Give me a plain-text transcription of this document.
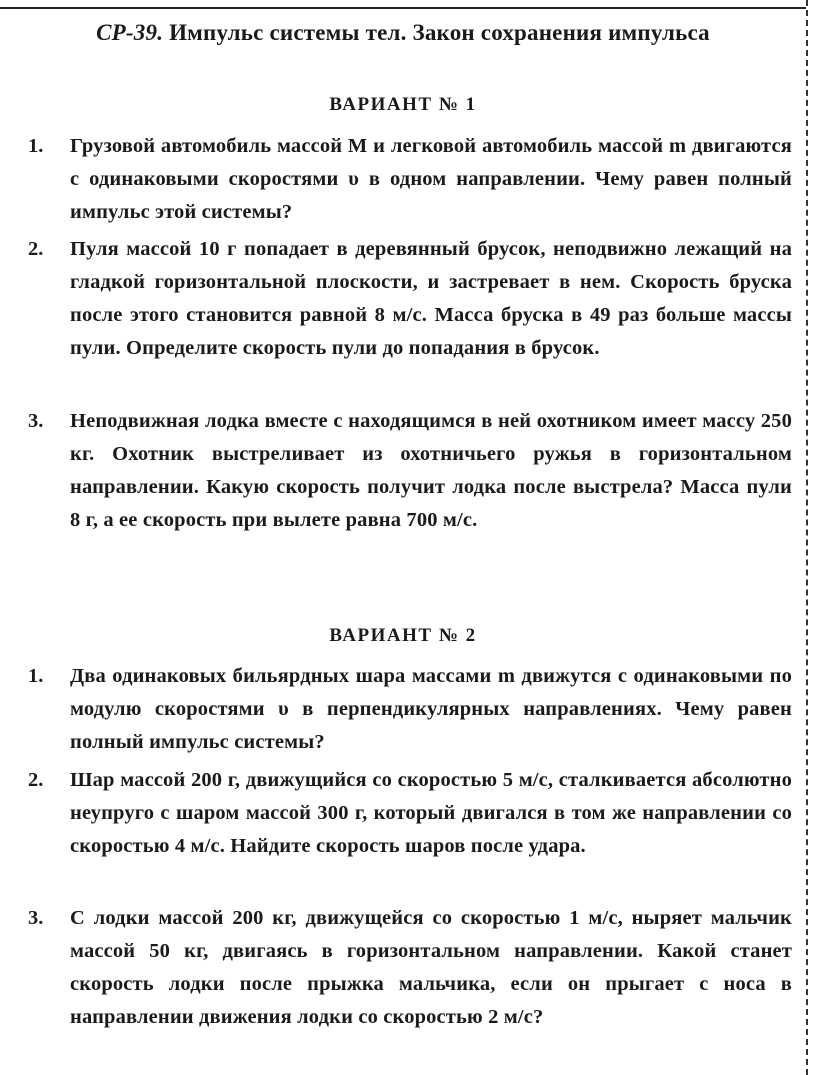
СР-39. Импульс системы тел. Закон сохранения импульса
ВАРИАНТ № 1
1.	Грузовой автомобиль массой M и легковой автомобиль массой m двигаются с одинаковыми скоростями υ в одном направлении. Чему равен полный импульс этой системы?
2.	Пуля массой 10 г попадает в деревянный брусок, неподвижно лежащий на гладкой горизонтальной плоскости, и застревает в нем. Скорость бруска после этого становится равной 8 м/с. Масса бруска в 49 раз больше массы пули. Определите скорость пули до попадания в брусок.
3.	Неподвижная лодка вместе с находящимся в ней охотником имеет массу 250 кг. Охотник выстреливает из охотничьего ружья в горизонтальном направлении. Какую скорость получит лодка после выстрела? Масса пули 8 г, а ее скорость при вылете равна 700 м/с.
ВАРИАНТ № 2
1.	Два одинаковых бильярдных шара массами m движутся с одинаковыми по модулю скоростями υ в перпендикулярных направлениях. Чему равен полный импульс системы?
2.	Шар массой 200 г, движущийся со скоростью 5 м/с, сталкивается абсолютно неупруго с шаром массой 300 г, который двигался в том же направлении со скоростью 4 м/с. Найдите скорость шаров после удара.
3.	С лодки массой 200 кг, движущейся со скоростью 1 м/с, ныряет мальчик массой 50 кг, двигаясь в горизонтальном направлении. Какой станет скорость лодки после прыжка мальчика, если он прыгает с носа в направлении движения лодки со скоростью 2 м/с?
